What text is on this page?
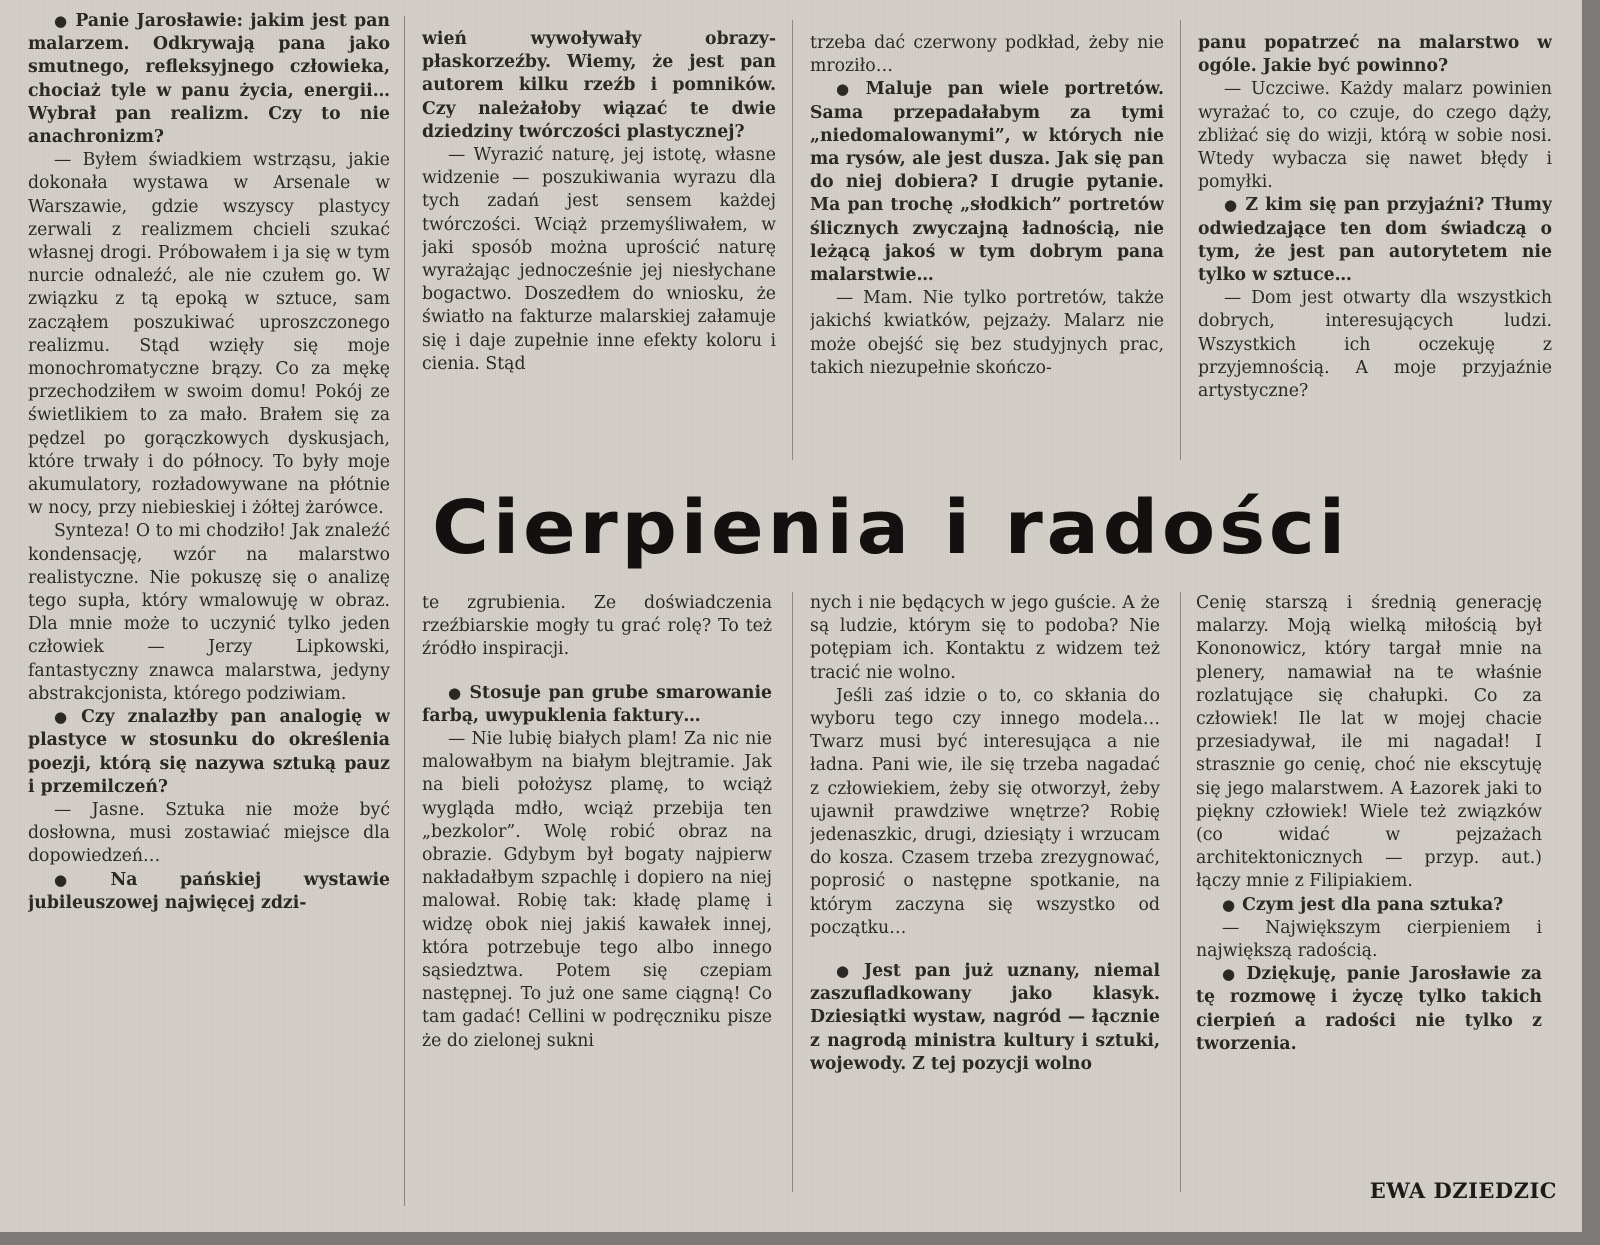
● Panie Jarosławie: jakim jest pan malarzem. Odkrywają pana jako smutnego, refleksyjnego człowieka, chociaż tyle w panu życia, energii… Wybrał pan realizm. Czy to nie anachronizm?

— Byłem świadkiem wstrząsu, jakie dokonała wystawa w Arsenale w Warszawie, gdzie wszyscy plastycy zerwali z realizmem chcieli szukać własnej drogi. Próbowałem i ja się w tym nurcie odnaleźć, ale nie czułem go. W związku z tą epoką w sztuce, sam zacząłem poszukiwać uproszczonego realizmu. Stąd wzięły się moje monochromatyczne brązy. Co za mękę przechodziłem w swoim domu! Pokój ze świetlikiem to za mało. Brałem się za pędzel po gorączkowych dyskusjach, które trwały i do północy. To były moje akumulatory, rozładowywane na płótnie w nocy, przy niebieskiej i żółtej żarówce.

Synteza! O to mi chodziło! Jak znaleźć kondensację, wzór na malarstwo realistyczne. Nie pokuszę się o analizę tego supła, który wmalowuję w obraz. Dla mnie może to uczynić tylko jeden człowiek — Jerzy Lipkowski, fantastyczny znawca malarstwa, jedyny abstrakcjonista, którego podziwiam.

● Czy znalazłby pan analogię w plastyce w stosunku do określenia poezji, którą się nazywa sztuką pauz i przemilczeń?

— Jasne. Sztuka nie może być dosłowna, musi zostawiać miejsce dla dopowiedzeń…

● Na pańskiej wystawie jubileuszowej najwięcej zdzi-

wień wywoływały obrazy-płaskorzeźby. Wiemy, że jest pan autorem kilku rzeźb i pomników. Czy należałoby wiązać te dwie dziedziny twórczości plastycznej?

— Wyrazić naturę, jej istotę, własne widzenie — poszukiwania wyrazu dla tych zadań jest sensem każdej twórczości. Wciąż przemyśliwałem, w jaki sposób można uprościć naturę wyrażając jednocześnie jej niesłychane bogactwo. Doszedłem do wniosku, że światło na fakturze malarskiej załamuje się i daje zupełnie inne efekty koloru i cienia. Stąd

trzeba dać czerwony podkład, żeby nie mroziło…

● Maluje pan wiele portretów. Sama przepadałabym za tymi „niedomalowanymi”, w których nie ma rysów, ale jest dusza. Jak się pan do niej dobiera? I drugie pytanie. Ma pan trochę „słodkich” portretów ślicznych zwyczajną ładnością, nie leżącą jakoś w tym dobrym pana malarstwie…

— Mam. Nie tylko portretów, także jakichś kwiatków, pejzaży. Malarz nie może obejść się bez studyjnych prac, takich niezupełnie skończo-

panu popatrzeć na malarstwo w ogóle. Jakie być powinno?

— Uczciwe. Każdy malarz powinien wyrażać to, co czuje, do czego dąży, zbliżać się do wizji, którą w sobie nosi. Wtedy wybacza się nawet błędy i pomyłki.

● Z kim się pan przyjaźni? Tłumy odwiedzające ten dom świadczą o tym, że jest pan autorytetem nie tylko w sztuce…

— Dom jest otwarty dla wszystkich dobrych, interesujących ludzi. Wszystkich ich oczekuję z przyjemnością. A moje przyjaźnie artystyczne?

Cierpienia i radości

te zgrubienia. Ze doświadczenia rzeźbiarskie mogły tu grać rolę? To też źródło inspiracji.

● Stosuje pan grube smarowanie farbą, uwypuklenia faktury…

— Nie lubię białych plam! Za nic nie malowałbym na białym blejtramie. Jak na bieli położysz plamę, to wciąż wygląda mdło, wciąż przebija ten „bezkolor”. Wolę robić obraz na obrazie. Gdybym był bogaty najpierw nakładałbym szpachlę i dopiero na niej malował. Robię tak: kładę plamę i widzę obok niej jakiś kawałek innej, która potrzebuje tego albo innego sąsiedztwa. Potem się czepiam następnej. To już one same ciągną! Co tam gadać! Cellini w podręczniku pisze że do zielonej sukni

nych i nie będących w jego guście. A że są ludzie, którym się to podoba? Nie potępiam ich. Kontaktu z widzem też tracić nie wolno.

Jeśli zaś idzie o to, co skłania do wyboru tego czy innego modela… Twarz musi być interesująca a nie ładna. Pani wie, ile się trzeba nagadać z człowiekiem, żeby się otworzył, żeby ujawnił prawdziwe wnętrze? Robię jedenaszkic, drugi, dziesiąty i wrzucam do kosza. Czasem trzeba zrezygnować, poprosić o następne spotkanie, na którym zaczyna się wszystko od początku…

● Jest pan już uznany, niemal zaszufladkowany jako klasyk. Dziesiątki wystaw, nagród — łącznie z nagrodą ministra kultury i sztuki, wojewody. Z tej pozycji wolno

Cenię starszą i średnią generację malarzy. Moją wielką miłością był Kononowicz, który targał mnie na plenery, namawiał na te właśnie rozlatujące się chałupki. Co za człowiek! Ile lat w mojej chacie przesiadywał, ile mi nagadał! I strasznie go cenię, choć nie ekscytuję się jego malarstwem. A Łazorek jaki to piękny człowiek! Wiele też związków (co widać w pejzażach architektonicznych — przyp. aut.) łączy mnie z Filipiakiem.

● Czym jest dla pana sztuka?

— Największym cierpieniem i największą radością.

● Dziękuję, panie Jarosławie za tę rozmowę i życzę tylko takich cierpień a radości nie tylko z tworzenia.

EWA DZIEDZIC
